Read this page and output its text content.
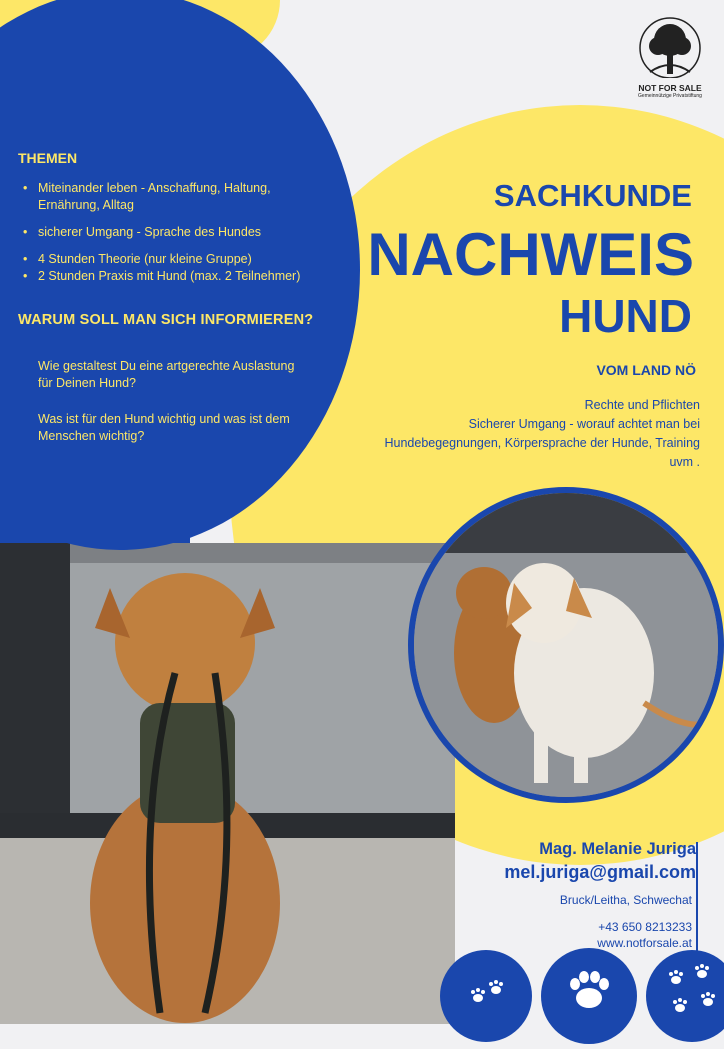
NOT FOR SALE
Gemeinnützige Privatstiftung
THEMEN
• Miteinander leben - Anschaffung, Haltung, Ernährung, Alltag
• sicherer Umgang - Sprache des Hundes
• 4 Stunden Theorie (nur kleine Gruppe)
• 2 Stunden Praxis mit Hund (max. 2 Teilnehmer)
WARUM SOLL MAN SICH INFORMIEREN?
Wie gestaltest Du eine artgerechte Auslastung für Deinen Hund?
Was ist für den Hund wichtig und was ist dem Menschen wichtig?
SACHKUNDE
NACHWEIS
HUND
VOM LAND NÖ
Rechte und Pflichten
Sicherer Umgang - worauf achtet man bei Hundebegegnungen, Körpersprache der Hunde, Training uvm .
Mag. Melanie Juriga
mel.juriga@gmail.com
Bruck/Leitha, Schwechat
+43 650 8213233
www.notforsale.at
